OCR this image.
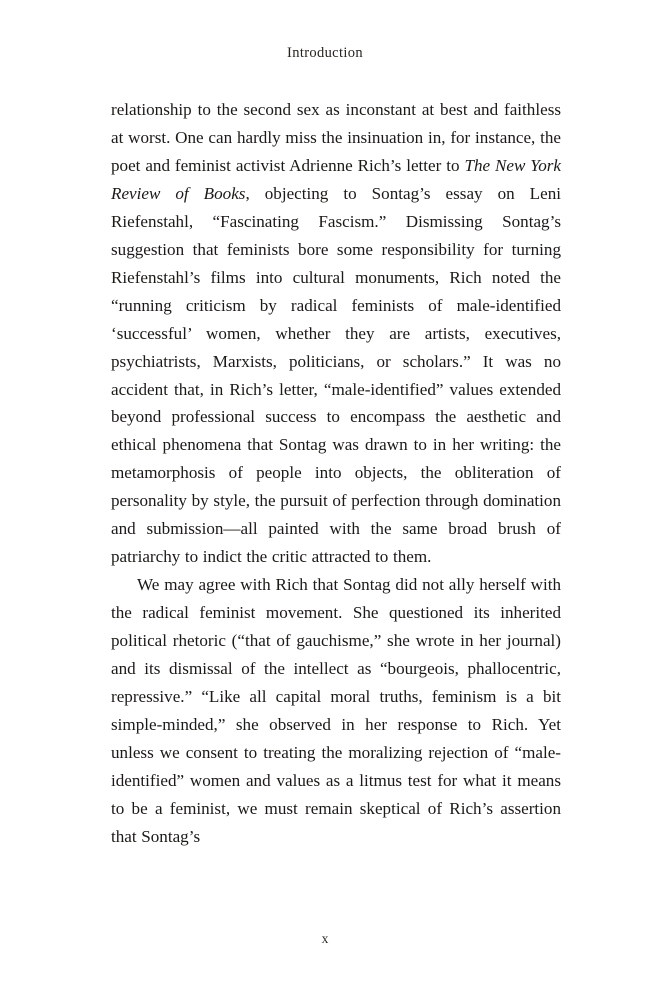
Introduction

relationship to the second sex as inconstant at best and faithless at worst. One can hardly miss the insinuation in, for instance, the poet and feminist activist Adrienne Rich’s letter to The New York Review of Books, objecting to Sontag’s essay on Leni Riefenstahl, “Fascinating Fascism.” Dismissing Sontag’s suggestion that feminists bore some responsibility for turning Riefenstahl’s films into cultural monuments, Rich noted the “running criticism by radical feminists of male-identified ‘successful’ women, whether they are artists, executives, psychiatrists, Marxists, politicians, or scholars.” It was no accident that, in Rich’s letter, “male-identified” values extended beyond professional success to encompass the aesthetic and ethical phenomena that Sontag was drawn to in her writing: the metamorphosis of people into objects, the obliteration of personality by style, the pursuit of perfection through domination and submission—all painted with the same broad brush of patriarchy to indict the critic attracted to them.

We may agree with Rich that Sontag did not ally herself with the radical feminist movement. She questioned its inherited political rhetoric (“that of gauchisme,” she wrote in her journal) and its dismissal of the intellect as “bourgeois, phallocentric, repressive.” “Like all capital moral truths, feminism is a bit simple-minded,” she observed in her response to Rich. Yet unless we consent to treating the moralizing rejection of “male-identified” women and values as a litmus test for what it means to be a feminist, we must remain skeptical of Rich’s assertion that Sontag’s

x
